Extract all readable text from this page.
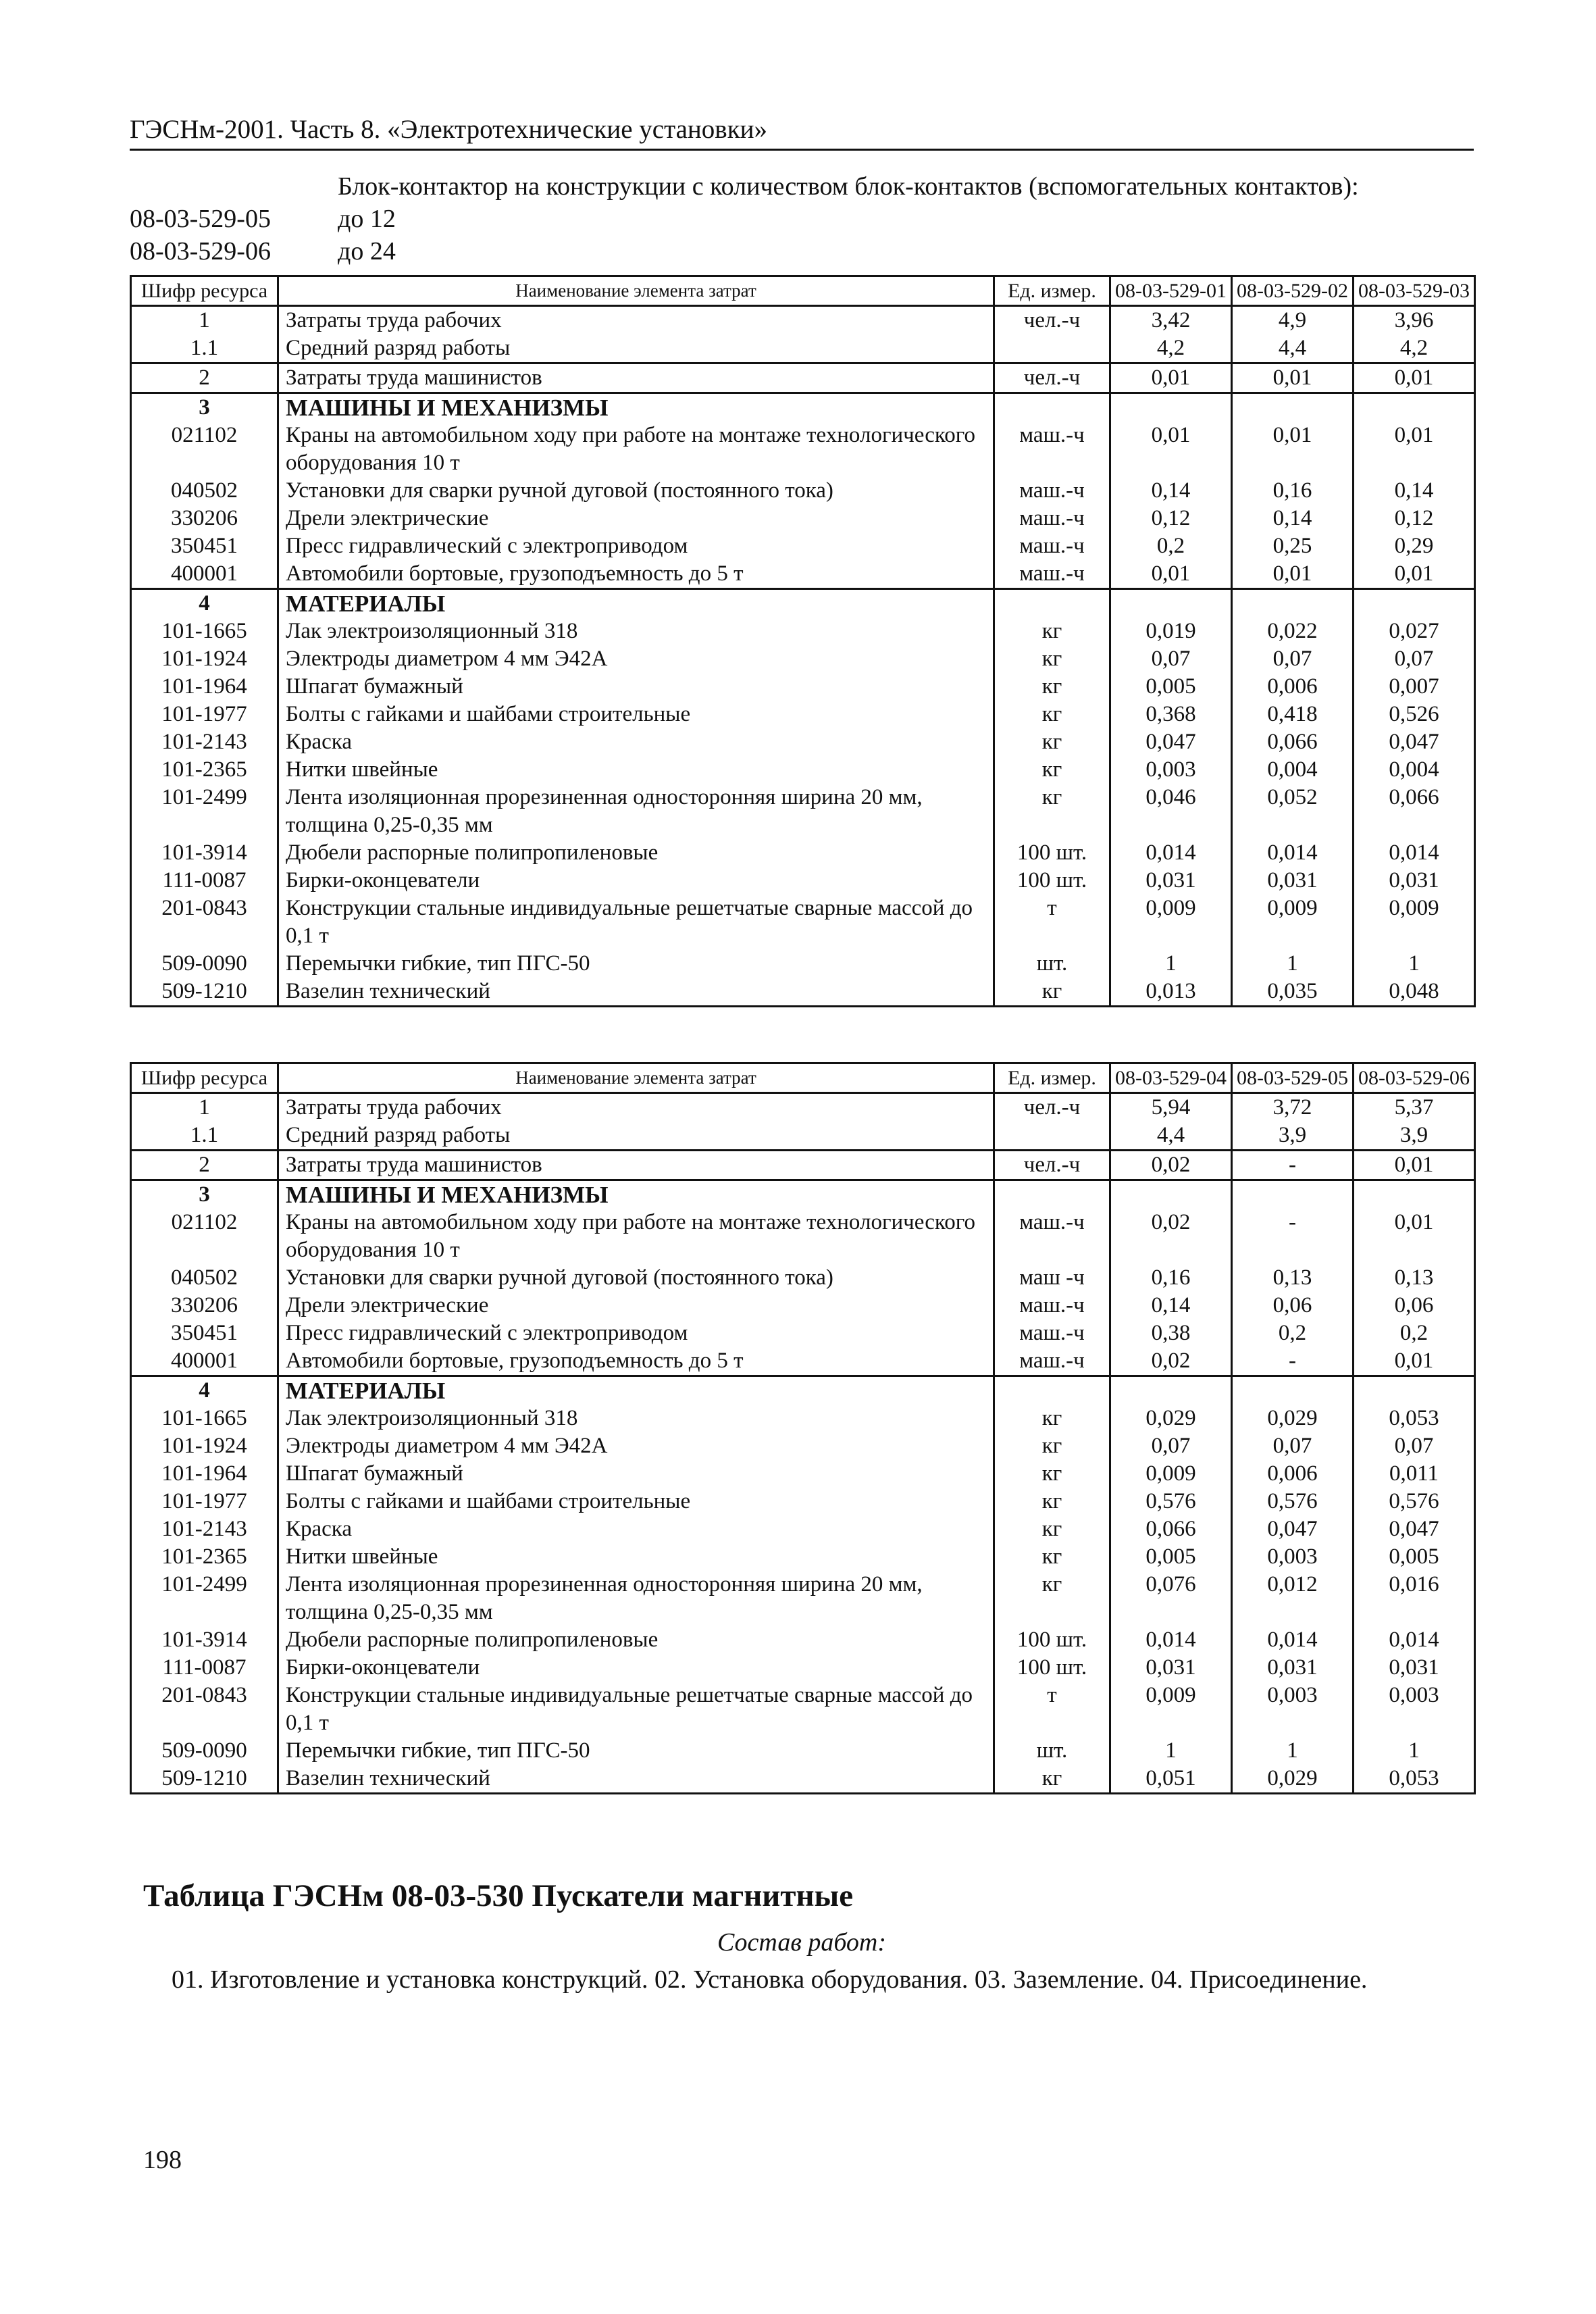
ГЭСНм-2001. Часть 8. «Электротехнические установки»
Блок-контактор на конструкции с количеством блок-контактов (вспомогательных контактов):
08-03-529-05	до 12
08-03-529-06	до 24
Шифр ресурса	Наименование элемента затрат	Ед. измер.	08-03-529-01	08-03-529-02	08-03-529-03
1	Затраты труда рабочих	чел.-ч	3,42	4,9	3,96
1.1	Средний разряд работы		4,2	4,4	4,2
2	Затраты труда машинистов	чел.-ч	0,01	0,01	0,01
3	МАШИНЫ И МЕХАНИЗМЫ				
021102	Краны на автомобильном ходу при работе на монтаже технологического оборудования 10 т	маш.-ч	0,01	0,01	0,01
040502	Установки для сварки ручной дуговой (постоянного тока)	маш.-ч	0,14	0,16	0,14
330206	Дрели электрические	маш.-ч	0,12	0,14	0,12
350451	Пресс гидравлический с электроприводом	маш.-ч	0,2	0,25	0,29
400001	Автомобили бортовые, грузоподъемность до 5 т	маш.-ч	0,01	0,01	0,01
4	МАТЕРИАЛЫ				
101-1665	Лак электроизоляционный 318	кг	0,019	0,022	0,027
101-1924	Электроды диаметром 4 мм Э42А	кг	0,07	0,07	0,07
101-1964	Шпагат бумажный	кг	0,005	0,006	0,007
101-1977	Болты с гайками и шайбами строительные	кг	0,368	0,418	0,526
101-2143	Краска	кг	0,047	0,066	0,047
101-2365	Нитки швейные	кг	0,003	0,004	0,004
101-2499	Лента изоляционная прорезиненная односторонняя ширина 20 мм, толщина 0,25-0,35 мм	кг	0,046	0,052	0,066
101-3914	Дюбели распорные полипропиленовые	100 шт.	0,014	0,014	0,014
111-0087	Бирки-оконцеватели	100 шт.	0,031	0,031	0,031
201-0843	Конструкции стальные индивидуальные решетчатые сварные массой до 0,1 т	т	0,009	0,009	0,009
509-0090	Перемычки гибкие, тип ПГС-50	шт.	1	1	1
509-1210	Вазелин технический	кг	0,013	0,035	0,048
Шифр ресурса	Наименование элемента затрат	Ед. измер.	08-03-529-04	08-03-529-05	08-03-529-06
1	Затраты труда рабочих	чел.-ч	5,94	3,72	5,37
1.1	Средний разряд работы		4,4	3,9	3,9
2	Затраты труда машинистов	чел.-ч	0,02	-	0,01
3	МАШИНЫ И МЕХАНИЗМЫ				
021102	Краны на автомобильном ходу при работе на монтаже технологического оборудования 10 т	маш.-ч	0,02	-	0,01
040502	Установки для сварки ручной дуговой (постоянного тока)	маш -ч	0,16	0,13	0,13
330206	Дрели электрические	маш.-ч	0,14	0,06	0,06
350451	Пресс гидравлический с электроприводом	маш.-ч	0,38	0,2	0,2
400001	Автомобили бортовые, грузоподъемность до 5 т	маш.-ч	0,02	-	0,01
4	МАТЕРИАЛЫ				
101-1665	Лак электроизоляционный 318	кг	0,029	0,029	0,053
101-1924	Электроды диаметром 4 мм Э42А	кг	0,07	0,07	0,07
101-1964	Шпагат бумажный	кг	0,009	0,006	0,011
101-1977	Болты с гайками и шайбами строительные	кг	0,576	0,576	0,576
101-2143	Краска	кг	0,066	0,047	0,047
101-2365	Нитки швейные	кг	0,005	0,003	0,005
101-2499	Лента изоляционная прорезиненная односторонняя ширина 20 мм, толщина 0,25-0,35 мм	кг	0,076	0,012	0,016
101-3914	Дюбели распорные полипропиленовые	100 шт.	0,014	0,014	0,014
111-0087	Бирки-оконцеватели	100 шт.	0,031	0,031	0,031
201-0843	Конструкции стальные индивидуальные решетчатые сварные массой до 0,1 т	т	0,009	0,003	0,003
509-0090	Перемычки гибкие, тип ПГС-50	шт.	1	1	1
509-1210	Вазелин технический	кг	0,051	0,029	0,053
Таблица ГЭСНм 08-03-530 Пускатели магнитные
Состав работ:
01. Изготовление и установка конструкций. 02. Установка оборудования. 03. Заземление. 04. Присоединение.
198
